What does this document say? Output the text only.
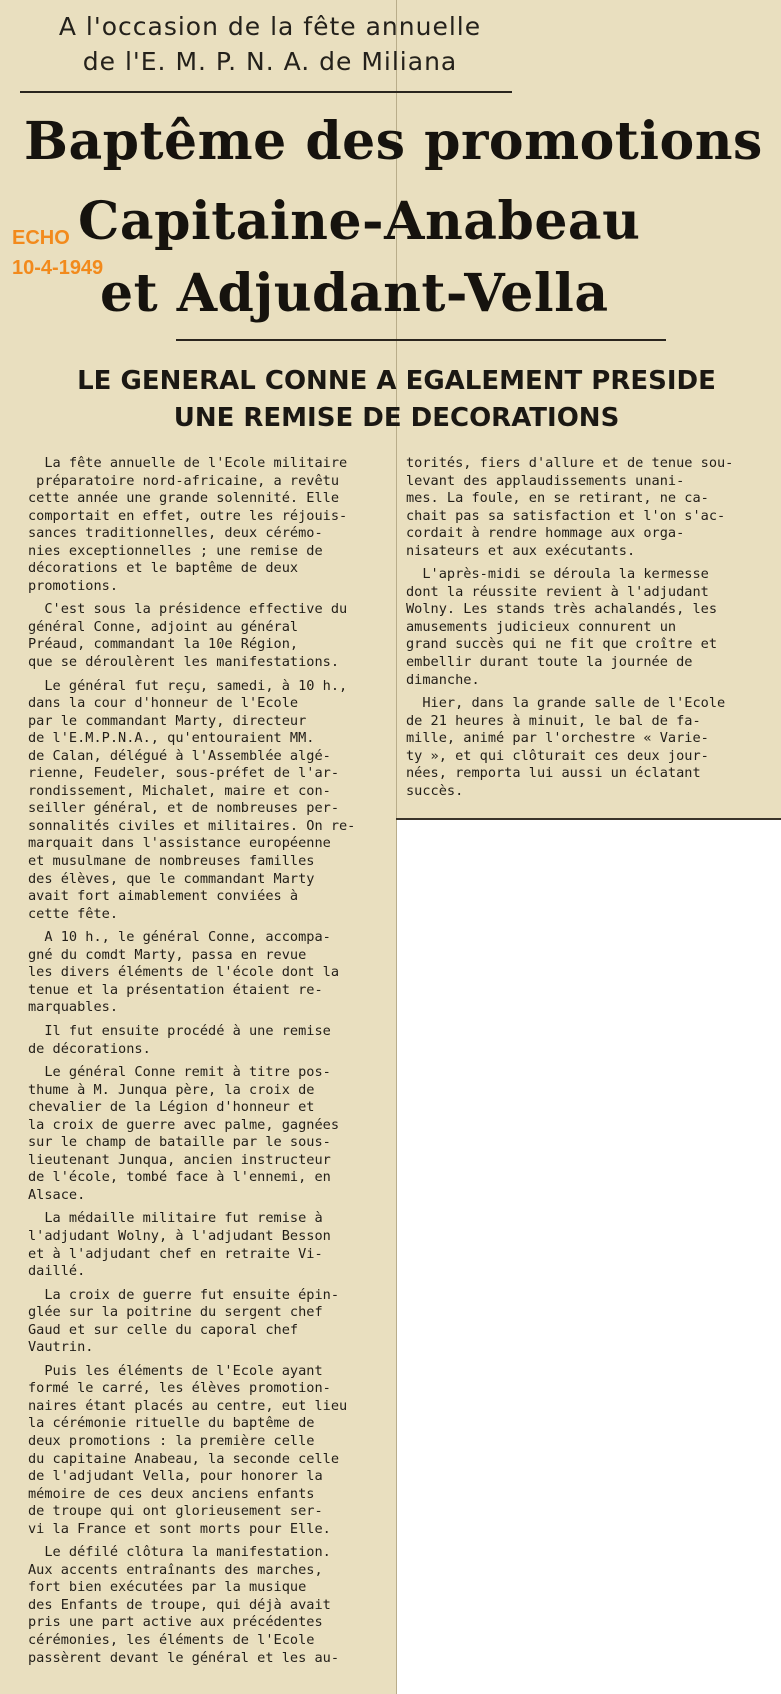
A l'occasion de la fête annuelle
de l'E. M. P. N. A. de Miliana
Baptême des promotions
Capitaine-Anabeau
et Adjudant-Vella
ECHO
10-4-1949
LE GENERAL CONNE A EGALEMENT PRESIDE
UNE REMISE DE DECORATIONS
La fête annuelle de l'Ecole militaire
préparatoire nord-africaine, a revêtu
cette année une grande solennité. Elle
comportait en effet, outre les réjouis-
sances traditionnelles, deux cérémo-
nies exceptionnelles ; une remise de
décorations et le baptême de deux
promotions.
C'est sous la présidence effective du
général Conne, adjoint au général
Préaud, commandant la 10e Région,
que se déroulèrent les manifestations.
Le général fut reçu, samedi, à 10 h.,
dans la cour d'honneur de l'Ecole
par le commandant Marty, directeur
de l'E.M.P.N.A., qu'entouraient MM.
de Calan, délégué à l'Assemblée algé-
rienne, Feudeler, sous-préfet de l'ar-
rondissement, Michalet, maire et con-
seiller général, et de nombreuses per-
sonnalités civiles et militaires. On re-
marquait dans l'assistance européenne
et musulmane de nombreuses familles
des élèves, que le commandant Marty
avait fort aimablement conviées à
cette fête.
A 10 h., le général Conne, accompa-
gné du comdt Marty, passa en revue
les divers éléments de l'école dont la
tenue et la présentation étaient re-
marquables.
Il fut ensuite procédé à une remise
de décorations.
Le général Conne remit à titre pos-
thume à M. Junqua père, la croix de
chevalier de la Légion d'honneur et
la croix de guerre avec palme, gagnées
sur le champ de bataille par le sous-
lieutenant Junqua, ancien instructeur
de l'école, tombé face à l'ennemi, en
Alsace.
La médaille militaire fut remise à
l'adjudant Wolny, à l'adjudant Besson
et à l'adjudant chef en retraite Vi-
daillé.
La croix de guerre fut ensuite épin-
glée sur la poitrine du sergent chef
Gaud et sur celle du caporal chef
Vautrin.
Puis les éléments de l'Ecole ayant
formé le carré, les élèves promotion-
naires étant placés au centre, eut lieu
la cérémonie rituelle du baptême de
deux promotions : la première celle
du capitaine Anabeau, la seconde celle
de l'adjudant Vella, pour honorer la
mémoire de ces deux anciens enfants
de troupe qui ont glorieusement ser-
vi la France et sont morts pour Elle.
Le défilé clôtura la manifestation.
Aux accents entraînants des marches,
fort bien exécutées par la musique
des Enfants de troupe, qui déjà avait
pris une part active aux précédentes
cérémonies, les éléments de l'Ecole
passèrent devant le général et les au-
torités, fiers d'allure et de tenue sou-
levant des applaudissements unani-
mes. La foule, en se retirant, ne ca-
chait pas sa satisfaction et l'on s'ac-
cordait à rendre hommage aux orga-
nisateurs et aux exécutants.
L'après-midi se déroula la kermesse
dont la réussite revient à l'adjudant
Wolny. Les stands très achalandés, les
amusements judicieux connurent un
grand succès qui ne fit que croître et
embellir durant toute la journée de
dimanche.
Hier, dans la grande salle de l'Ecole
de 21 heures à minuit, le bal de fa-
mille, animé par l'orchestre « Varie-
ty », et qui clôturait ces deux jour-
nées, remporta lui aussi un éclatant
succès.
